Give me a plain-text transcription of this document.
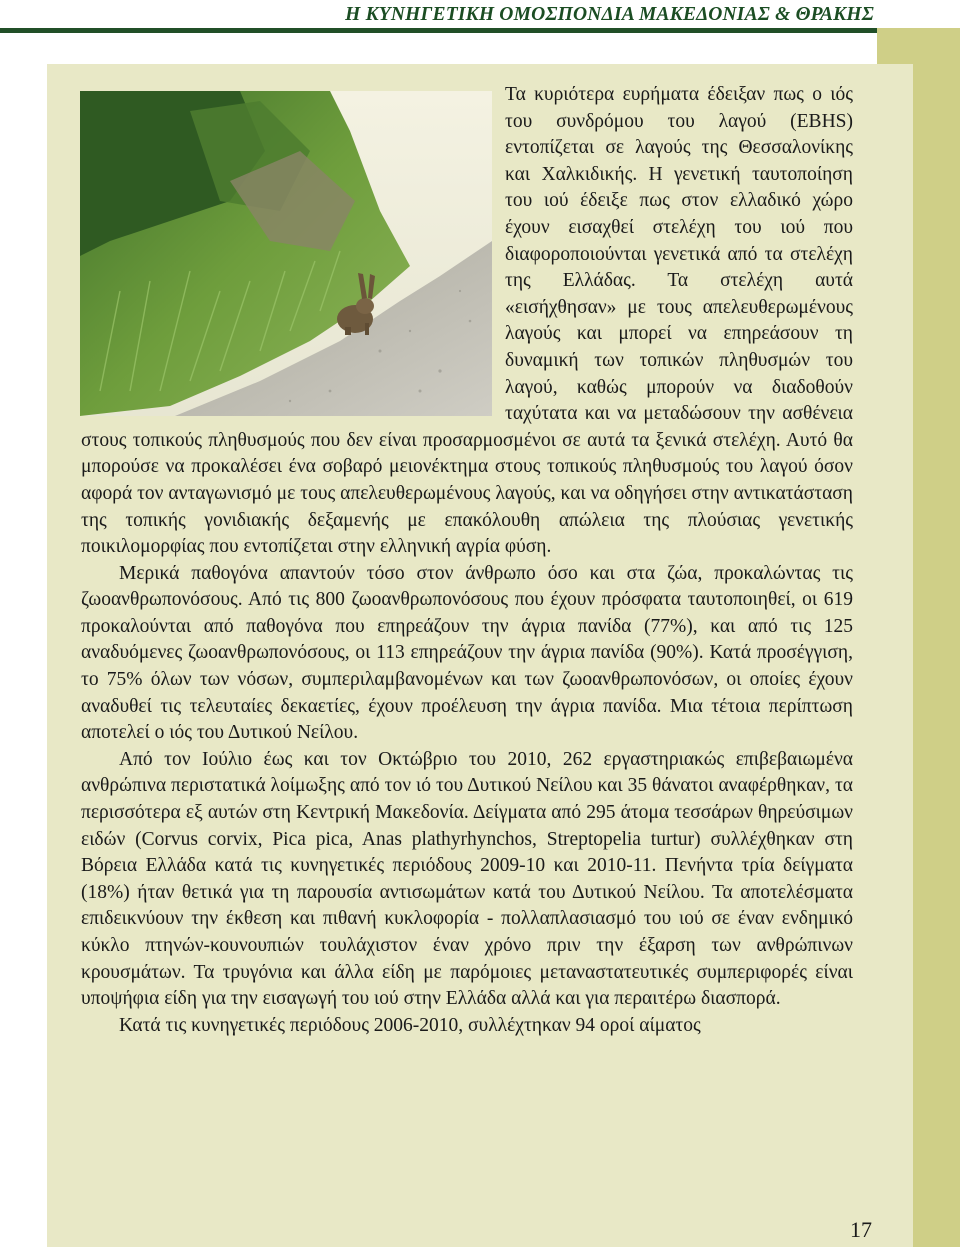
Η ΚΥΝΗΓΕΤΙΚΗ ΟΜΟΣΠΟΝΔΙΑ ΜΑΚΕΔΟΝΙΑΣ & ΘΡΑΚΗΣ

Τα κυριότερα ευρήματα έδειξαν πως ο ιός του συνδρόμου του λαγού (EBHS) εντοπίζεται σε λαγούς της Θεσσαλονίκης και Χαλκιδικής. Η γενετική ταυτοποίηση του ιού έδειξε πως στον ελλαδικό χώρο έχουν εισαχθεί στελέχη του ιού που διαφοροποιούνται γενετικά από τα στελέχη της Ελλάδας. Τα στελέχη αυτά «εισήχθησαν» με τους απελευθερωμένους λαγούς και μπορεί να επηρεάσουν τη δυναμική των τοπικών πληθυσμών του λαγού, καθώς μπορούν να διαδοθούν ταχύτατα και να μεταδώσουν την ασθένεια στους τοπικούς πληθυσμούς που δεν είναι προσαρμοσμένοι σε αυτά τα ξενικά στελέχη. Αυτό θα μπορούσε να προκαλέσει ένα σοβαρό μειονέκτημα στους τοπικούς πληθυσμούς του λαγού όσον αφορά τον ανταγωνισμό με τους απελευθερωμένους λαγούς, και να οδηγήσει στην αντικατάσταση της τοπικής γονιδιακής δεξαμενής με επακόλουθη απώλεια της πλούσιας γενετικής ποικιλομορφίας που εντοπίζεται στην ελληνική αγρία φύση.

Μερικά παθογόνα απαντούν τόσο στον άνθρωπο όσο και στα ζώα, προκαλώντας τις ζωοανθρωπονόσους. Από τις 800 ζωοανθρωπονόσους που έχουν πρόσφατα ταυτοποιηθεί, οι 619 προκαλούνται από παθογόνα που επηρεάζουν την άγρια πανίδα (77%), και από τις 125 αναδυόμενες ζωοανθρωπονόσους, οι 113 επηρεάζουν την άγρια πανίδα (90%). Κατά προσέγγιση, το 75% όλων των νόσων, συμπεριλαμβανομένων και των ζωοανθρωπονόσων, οι οποίες έχουν αναδυθεί τις τελευταίες δεκαετίες, έχουν προέλευση την άγρια πανίδα. Μια τέτοια περίπτωση αποτελεί ο ιός του Δυτικού Νείλου.

Από τον Ιούλιο έως και τον Οκτώβριο του 2010, 262 εργαστηριακώς επιβεβαιωμένα ανθρώπινα περιστατικά λοίμωξης από τον ιό του Δυτικού Νείλου και 35 θάνατοι αναφέρθηκαν, τα περισσότερα εξ αυτών στη Κεντρική Μακεδονία. Δείγματα από 295 άτομα τεσσάρων θηρεύσιμων ειδών (Corvus corvix, Pica pica, Anas plathyrhynchos, Streptopelia turtur) συλλέχθηκαν στη Βόρεια Ελλάδα κατά τις κυνηγετικές περιόδους 2009-10 και 2010-11. Πενήντα τρία δείγματα (18%) ήταν θετικά για τη παρουσία αντισωμάτων κατά του Δυτικού Νείλου. Τα αποτελέσματα επιδεικνύουν την έκθεση και πιθανή κυκλοφορία - πολλαπλασιασμό του ιού σε έναν ενδημικό κύκλο πτηνών-κουνουπιών τουλάχιστον έναν χρόνο πριν την έξαρση των ανθρώπινων κρουσμάτων. Τα τρυγόνια και άλλα είδη με παρόμοιες μεταναστατευτικές συμπεριφορές είναι υποψήφια είδη για την εισαγωγή του ιού στην Ελλάδα αλλά και για περαιτέρω διασπορά.

Κατά τις κυνηγετικές περιόδους 2006-2010, συλλέχτηκαν 94 οροί αίματος

17
